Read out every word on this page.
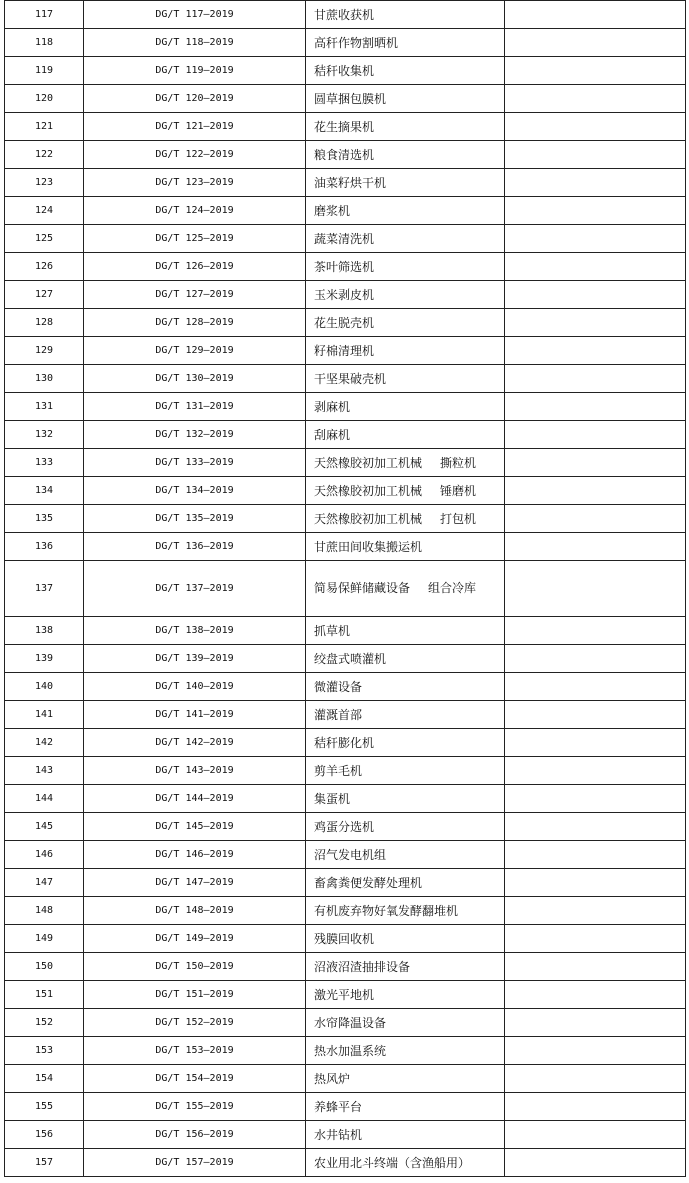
117	DG/T 117—2019	甘蔗收获机	
118	DG/T 118—2019	高秆作物割晒机	
119	DG/T 119—2019	秸秆收集机	
120	DG/T 120—2019	圆草捆包膜机	
121	DG/T 121—2019	花生摘果机	
122	DG/T 122—2019	粮食清选机	
123	DG/T 123—2019	油菜籽烘干机	
124	DG/T 124—2019	磨浆机	
125	DG/T 125—2019	蔬菜清洗机	
126	DG/T 126—2019	茶叶筛选机	
127	DG/T 127—2019	玉米剥皮机	
128	DG/T 128—2019	花生脱壳机	
129	DG/T 129—2019	籽棉清理机	
130	DG/T 130—2019	干坚果破壳机	
131	DG/T 131—2019	剥麻机	
132	DG/T 132—2019	刮麻机	
133	DG/T 133—2019	天然橡胶初加工机械 撕粒机	
134	DG/T 134—2019	天然橡胶初加工机械 锤磨机	
135	DG/T 135—2019	天然橡胶初加工机械 打包机	
136	DG/T 136—2019	甘蔗田间收集搬运机	
137	DG/T 137—2019	简易保鲜储藏设备 组合冷库	
138	DG/T 138—2019	抓草机	
139	DG/T 139—2019	绞盘式喷灌机	
140	DG/T 140—2019	微灌设备	
141	DG/T 141—2019	灌溉首部	
142	DG/T 142—2019	秸秆膨化机	
143	DG/T 143—2019	剪羊毛机	
144	DG/T 144—2019	集蛋机	
145	DG/T 145—2019	鸡蛋分选机	
146	DG/T 146—2019	沼气发电机组	
147	DG/T 147—2019	畜禽粪便发酵处理机	
148	DG/T 148—2019	有机废弃物好氧发酵翻堆机	
149	DG/T 149—2019	残膜回收机	
150	DG/T 150—2019	沼液沼渣抽排设备	
151	DG/T 151—2019	激光平地机	
152	DG/T 152—2019	水帘降温设备	
153	DG/T 153—2019	热水加温系统	
154	DG/T 154—2019	热风炉	
155	DG/T 155—2019	养蜂平台	
156	DG/T 156—2019	水井钻机	
157	DG/T 157—2019	农业用北斗终端（含渔船用）	
